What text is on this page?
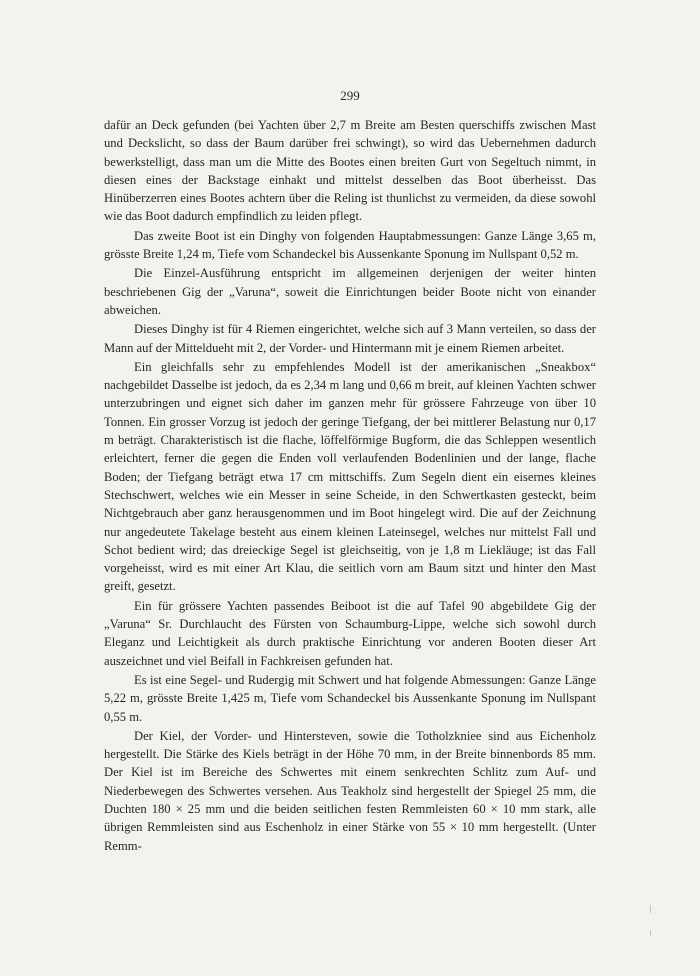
299

dafür an Deck gefunden (bei Yachten über 2,7 m Breite am Besten querschiffs zwischen Mast und Deckslicht, so dass der Baum darüber frei schwingt), so wird das Uebernehmen dadurch bewerkstelligt, dass man um die Mitte des Bootes einen breiten Gurt von Segeltuch nimmt, in diesen eines der Backstage einhakt und mittelst desselben das Boot überheisst. Das Hinüberzerren eines Bootes achtern über die Reling ist thunlichst zu vermeiden, da diese sowohl wie das Boot dadurch empfindlich zu leiden pflegt.

Das zweite Boot ist ein Dinghy von folgenden Hauptabmessungen: Ganze Länge 3,65 m, grösste Breite 1,24 m, Tiefe vom Schandeckel bis Aussenkante Sponung im Nullspant 0,52 m.

Die Einzel-Ausführung entspricht im allgemeinen derjenigen der weiter hinten beschriebenen Gig der „Varuna“, soweit die Einrichtungen beider Boote nicht von einander abweichen.

Dieses Dinghy ist für 4 Riemen eingerichtet, welche sich auf 3 Mann verteilen, so dass der Mann auf der Mitteldueht mit 2, der Vorder- und Hintermann mit je einem Riemen arbeitet.

Ein gleichfalls sehr zu empfehlendes Modell ist der amerikanischen „Sneakbox“ nachgebildet Dasselbe ist jedoch, da es 2,34 m lang und 0,66 m breit, auf kleinen Yachten schwer unterzubringen und eignet sich daher im ganzen mehr für grössere Fahrzeuge von über 10 Tonnen. Ein grosser Vorzug ist jedoch der geringe Tiefgang, der bei mittlerer Belastung nur 0,17 m beträgt. Charakteristisch ist die flache, löffelförmige Bugform, die das Schleppen wesentlich erleichtert, ferner die gegen die Enden voll verlaufenden Bodenlinien und der lange, flache Boden; der Tiefgang beträgt etwa 17 cm mittschiffs. Zum Segeln dient ein eisernes kleines Stechschwert, welches wie ein Messer in seine Scheide, in den Schwertkasten gesteckt, beim Nichtgebrauch aber ganz herausgenommen und im Boot hingelegt wird. Die auf der Zeichnung nur angedeutete Takelage besteht aus einem kleinen Lateinsegel, welches nur mittelst Fall und Schot bedient wird; das dreieckige Segel ist gleichseitig, von je 1,8 m Liekläuge; ist das Fall vorgeheisst, wird es mit einer Art Klau, die seitlich vorn am Baum sitzt und hinter den Mast greift, gesetzt.

Ein für grössere Yachten passendes Beiboot ist die auf Tafel 90 abgebildete Gig der „Varuna“ Sr. Durchlaucht des Fürsten von Schaumburg-Lippe, welche sich sowohl durch Eleganz und Leichtigkeit als durch praktische Einrichtung vor anderen Booten dieser Art auszeichnet und viel Beifall in Fachkreisen gefunden hat.

Es ist eine Segel- und Rudergig mit Schwert und hat folgende Abmessungen: Ganze Länge 5,22 m, grösste Breite 1,425 m, Tiefe vom Schandeckel bis Aussenkante Sponung im Nullspant 0,55 m.

Der Kiel, der Vorder- und Hintersteven, sowie die Totholzkniee sind aus Eichenholz hergestellt. Die Stärke des Kiels beträgt in der Höhe 70 mm, in der Breite binnenbords 85 mm. Der Kiel ist im Bereiche des Schwertes mit einem senkrechten Schlitz zum Auf- und Niederbewegen des Schwertes versehen. Aus Teakholz sind hergestellt der Spiegel 25 mm, die Duchten 180 × 25 mm und die beiden seitlichen festen Remmleisten 60 × 10 mm stark, alle übrigen Remmleisten sind aus Eschenholz in einer Stärke von 55 × 10 mm hergestellt. (Unter Remm-
